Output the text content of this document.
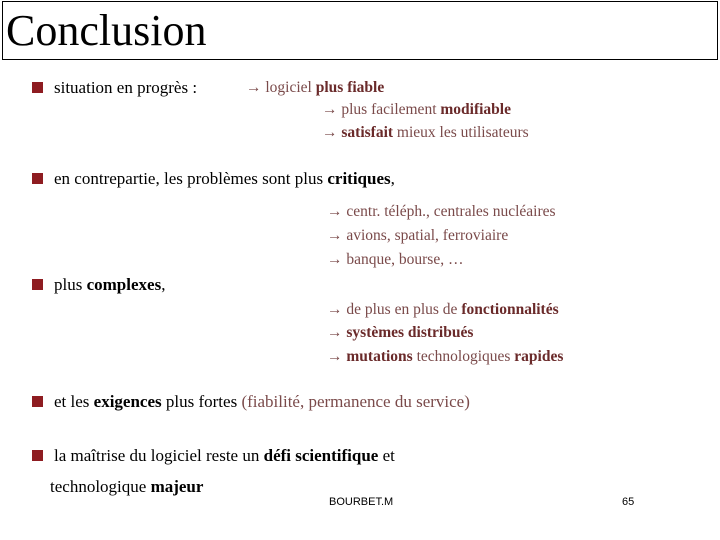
Conclusion
situation en progrès :	→ logiciel plus fiable
→ plus facilement modifiable
→ satisfait mieux les utilisateurs
en contrepartie, les problèmes sont plus critiques,
→ centr. téléph., centrales nucléaires
→ avions, spatial, ferroviaire
→ banque, bourse, …
plus complexes,
→ de plus en plus de fonctionnalités
→ systèmes distribués
→ mutations technologiques rapides
et les exigences plus fortes (fiabilité, permanence du service)
la maîtrise du logiciel reste un défi scientifique et
technologique majeur
BOURBET.M	65
